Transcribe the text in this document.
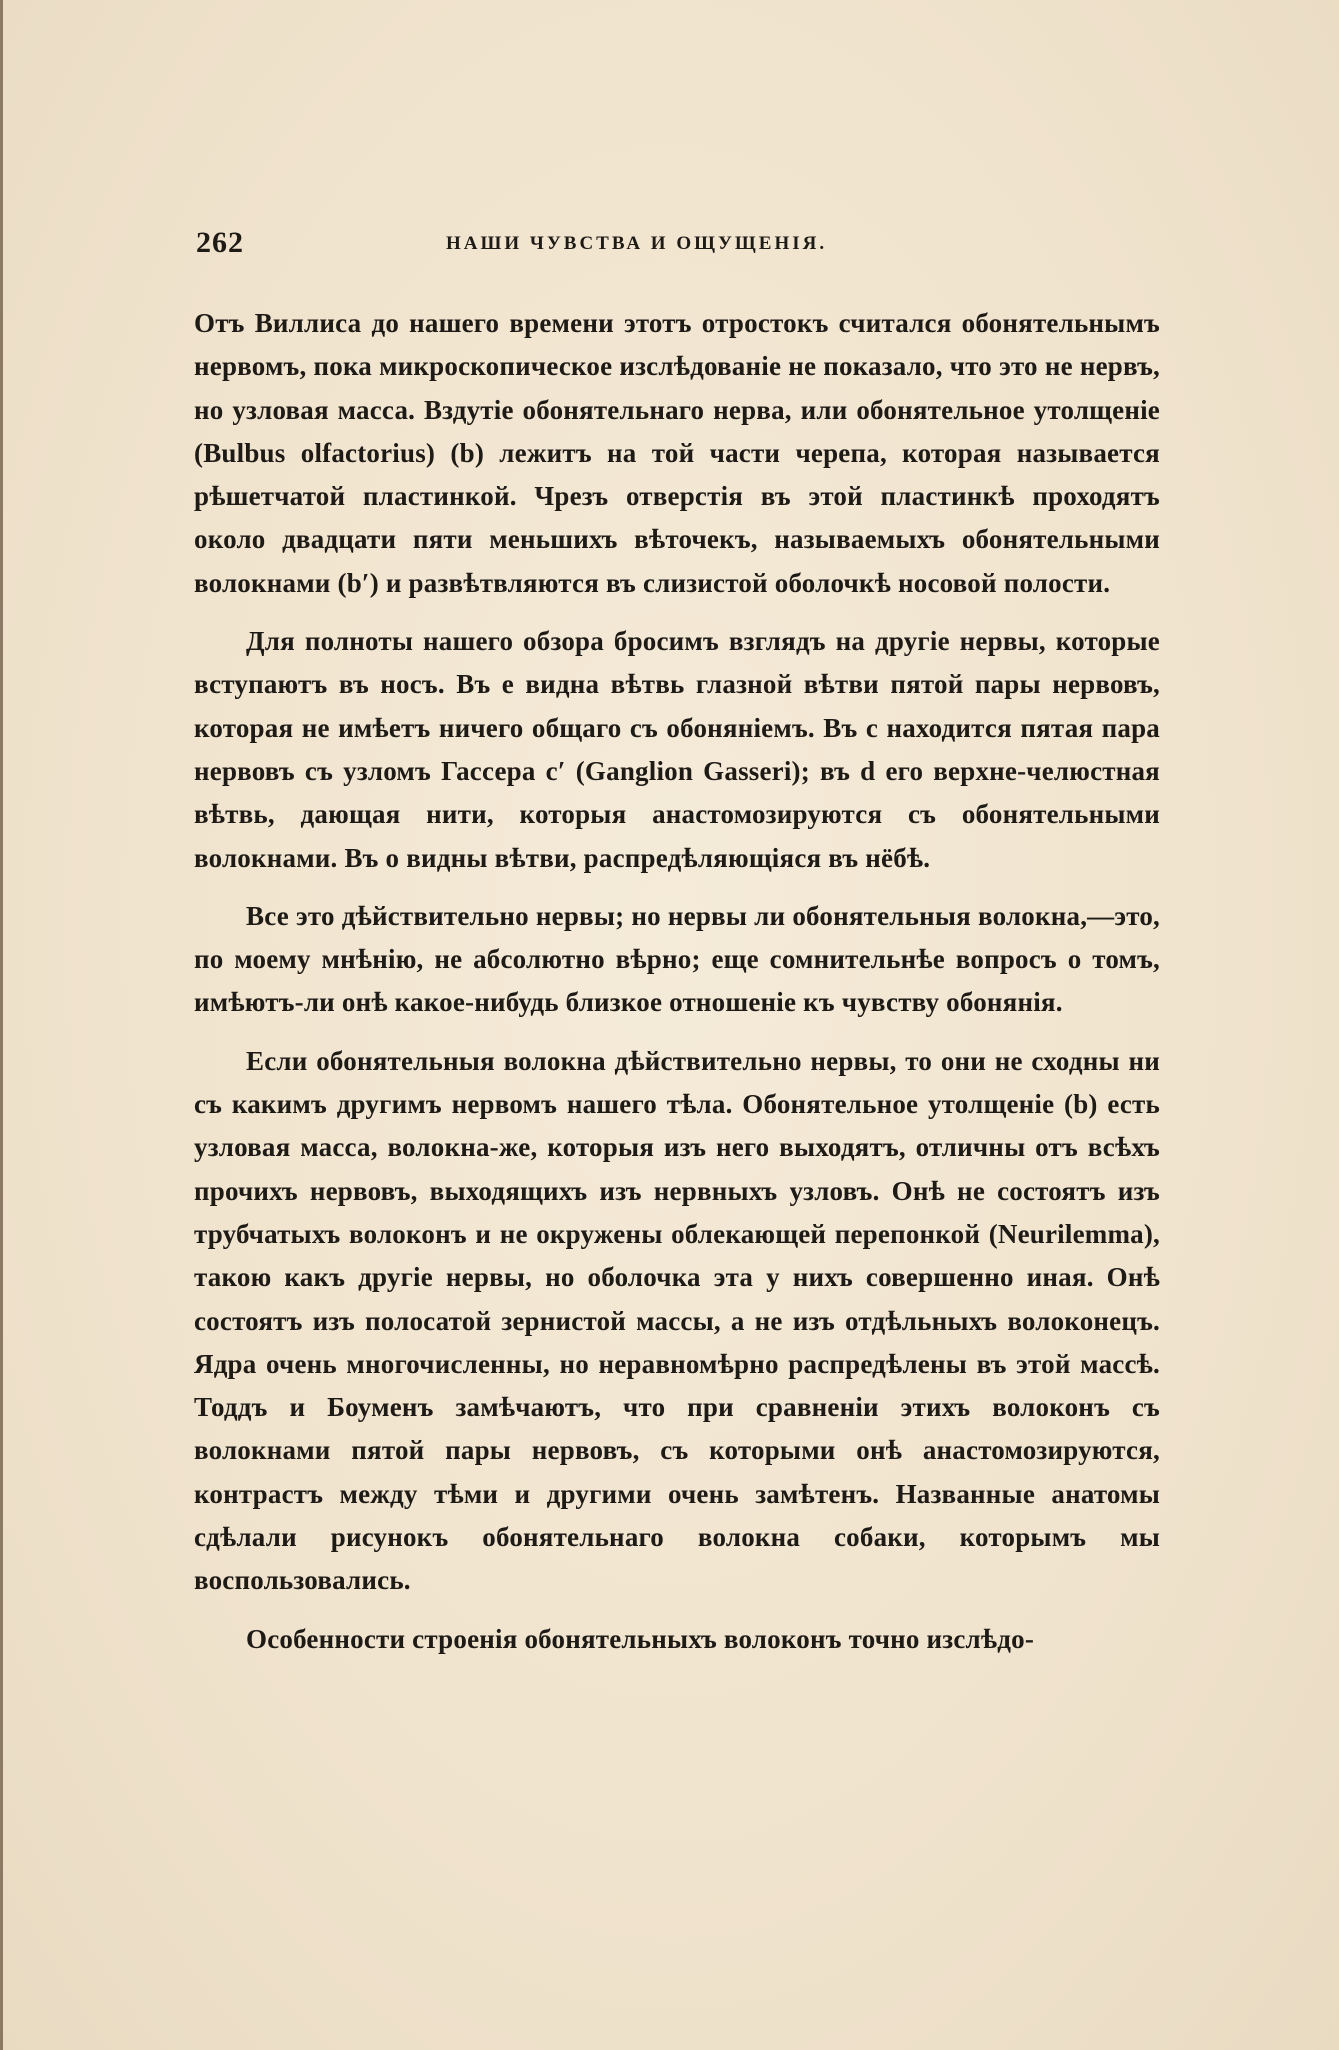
262	НАШИ ЧУВСТВА И ОЩУЩЕНІЯ.

Отъ Виллиса до нашего времени этотъ отростокъ считался обонятельнымъ нервомъ, пока микроскопическое изслѣдованіе не показало, что это не нервъ, но узловая масса. Вздутіе обонятельнаго нерва, или обонятельное утолщеніе (Bulbus olfactorius) (b) лежитъ на той части черепа, которая называется рѣшетчатой пластинкой. Чрезъ отверстія въ этой пластинкѣ проходятъ около двадцати пяти меньшихъ вѣточекъ, называемыхъ обонятельными волокнами (b′) и развѣтвляются въ слизистой оболочкѣ носовой полости.

Для полноты нашего обзора бросимъ взглядъ на другіе нервы, которые вступаютъ въ носъ. Въ e видна вѣтвь глазной вѣтви пятой пары нервовъ, которая не имѣетъ ничего общаго съ обоняніемъ. Въ c находится пятая пара нервовъ съ узломъ Гассера c′ (Ganglion Gasseri); въ d его верхне-челюстная вѣтвь, дающая нити, которыя анастомозируются съ обонятельными волокнами. Въ o видны вѣтви, распредѣляющіяся въ нёбѣ.

Все это дѣйствительно нервы; но нервы ли обонятельныя волокна,—это, по моему мнѣнію, не абсолютно вѣрно; еще сомнительнѣе вопросъ о томъ, имѣютъ-ли онѣ какое-нибудь близкое отношеніе къ чувству обонянія.

Если обонятельныя волокна дѣйствительно нервы, то они не сходны ни съ какимъ другимъ нервомъ нашего тѣла. Обонятельное утолщеніе (b) есть узловая масса, волокна-же, которыя изъ него выходятъ, отличны отъ всѣхъ прочихъ нервовъ, выходящихъ изъ нервныхъ узловъ. Онѣ не состоятъ изъ трубчатыхъ волоконъ и не окружены облекающей перепонкой (Neurilemma), такою какъ другіе нервы, но оболочка эта у нихъ совершенно иная. Онѣ состоятъ изъ полосатой зернистой массы, а не изъ отдѣльныхъ волоконецъ. Ядра очень многочисленны, но неравномѣрно распредѣлены въ этой массѣ. Тоддъ и Боуменъ замѣчаютъ, что при сравненіи этихъ волоконъ съ волокнами пятой пары нервовъ, съ которыми онѣ анастомозируются, контрастъ между тѣми и другими очень замѣтенъ. Названные анатомы сдѣлали рисунокъ обонятельнаго волокна собаки, которымъ мы воспользовались.

Особенности строенія обонятельныхъ волоконъ точно изслѣдо-
